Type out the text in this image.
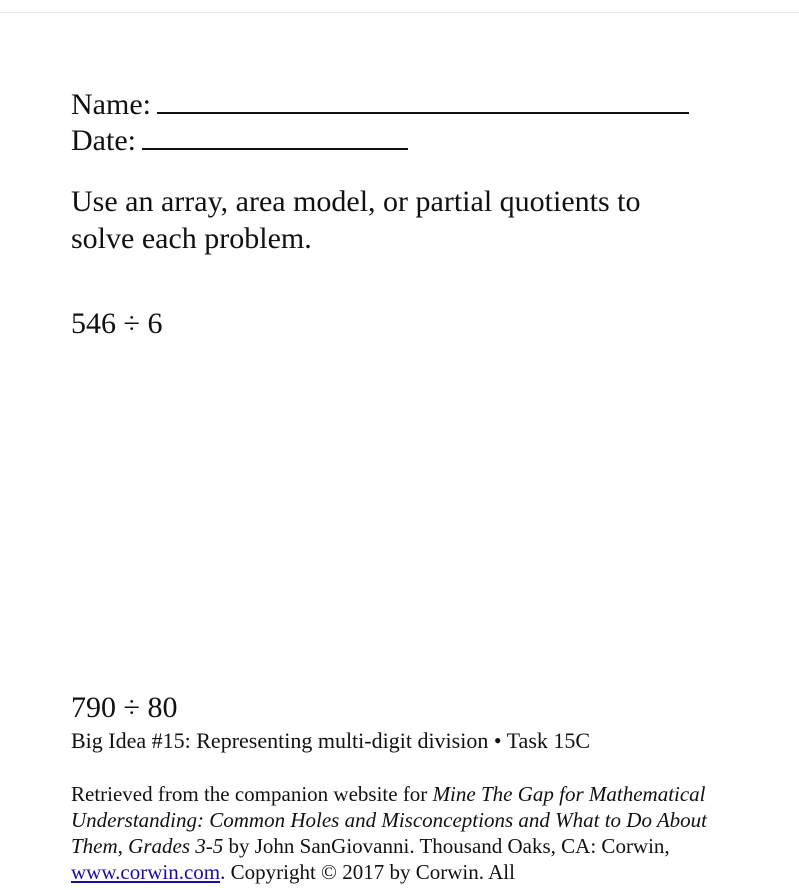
Name:
Date:
Use an array, area model, or partial quotients to solve each problem.
546 ÷ 6
790 ÷ 80
Big Idea #15: Representing multi-digit division • Task 15C
Retrieved from the companion website for Mine The Gap for Mathematical Understanding: Common Holes and Misconceptions and What to Do About Them, Grades 3-5 by John SanGiovanni. Thousand Oaks, CA: Corwin, www.corwin.com. Copyright © 2017 by Corwin. All
